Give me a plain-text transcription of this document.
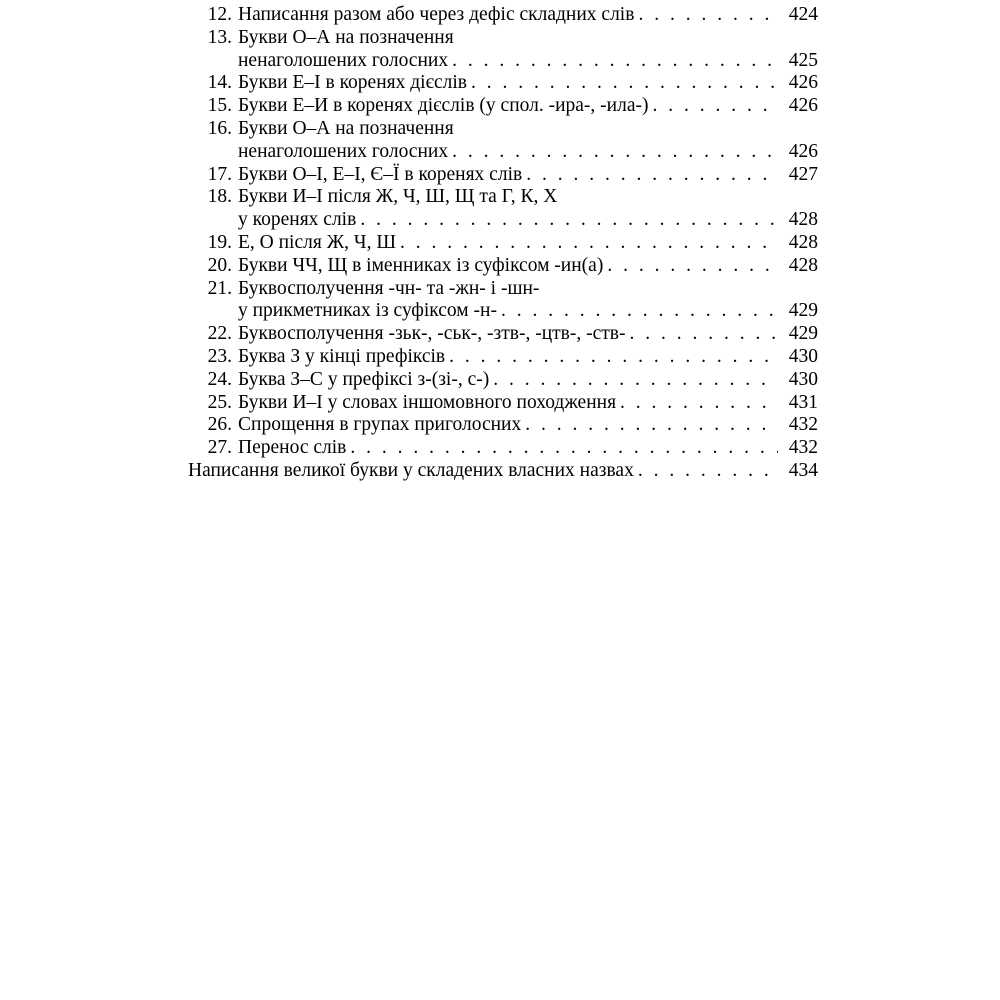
12. Написання разом або через дефіс складних слів . . .	424
13. Букви О–А на позначення
ненаголошених голосних . . .	425
14. Букви Е–І в коренях дієслів . . .	426
15. Букви Е–И в коренях дієслів (у спол. -ира-, -ила-) . . .	426
16. Букви О–А на позначення
ненаголошених голосних . . .	426
17. Букви О–І, Е–І, Є–Ї в коренях слів . . .	427
18. Букви И–І після Ж, Ч, Ш, Щ та Г, К, Х
у коренях слів . . .	428
19. Е, О після Ж, Ч, Ш . . .	428
20. Букви ЧЧ, Щ в іменниках із суфіксом -ин(а) . . .	428
21. Буквосполучення -чн- та -жн- і -шн-
у прикметниках із суфіксом -н- . . .	429
22. Буквосполучення -зьк-, -ськ-, -зтв-, -цтв-, -ств- . . .	429
23. Буква З у кінці префіксів . . .	430
24. Буква З–С у префіксі з-(зі-, с-) . . .	430
25. Букви И–І у словах іншомовного походження . . .	431
26. Спрощення в групах приголосних . . .	432
27. Перенос слів . . .	432
Написання великої букви у складених власних назвах . . .	434
